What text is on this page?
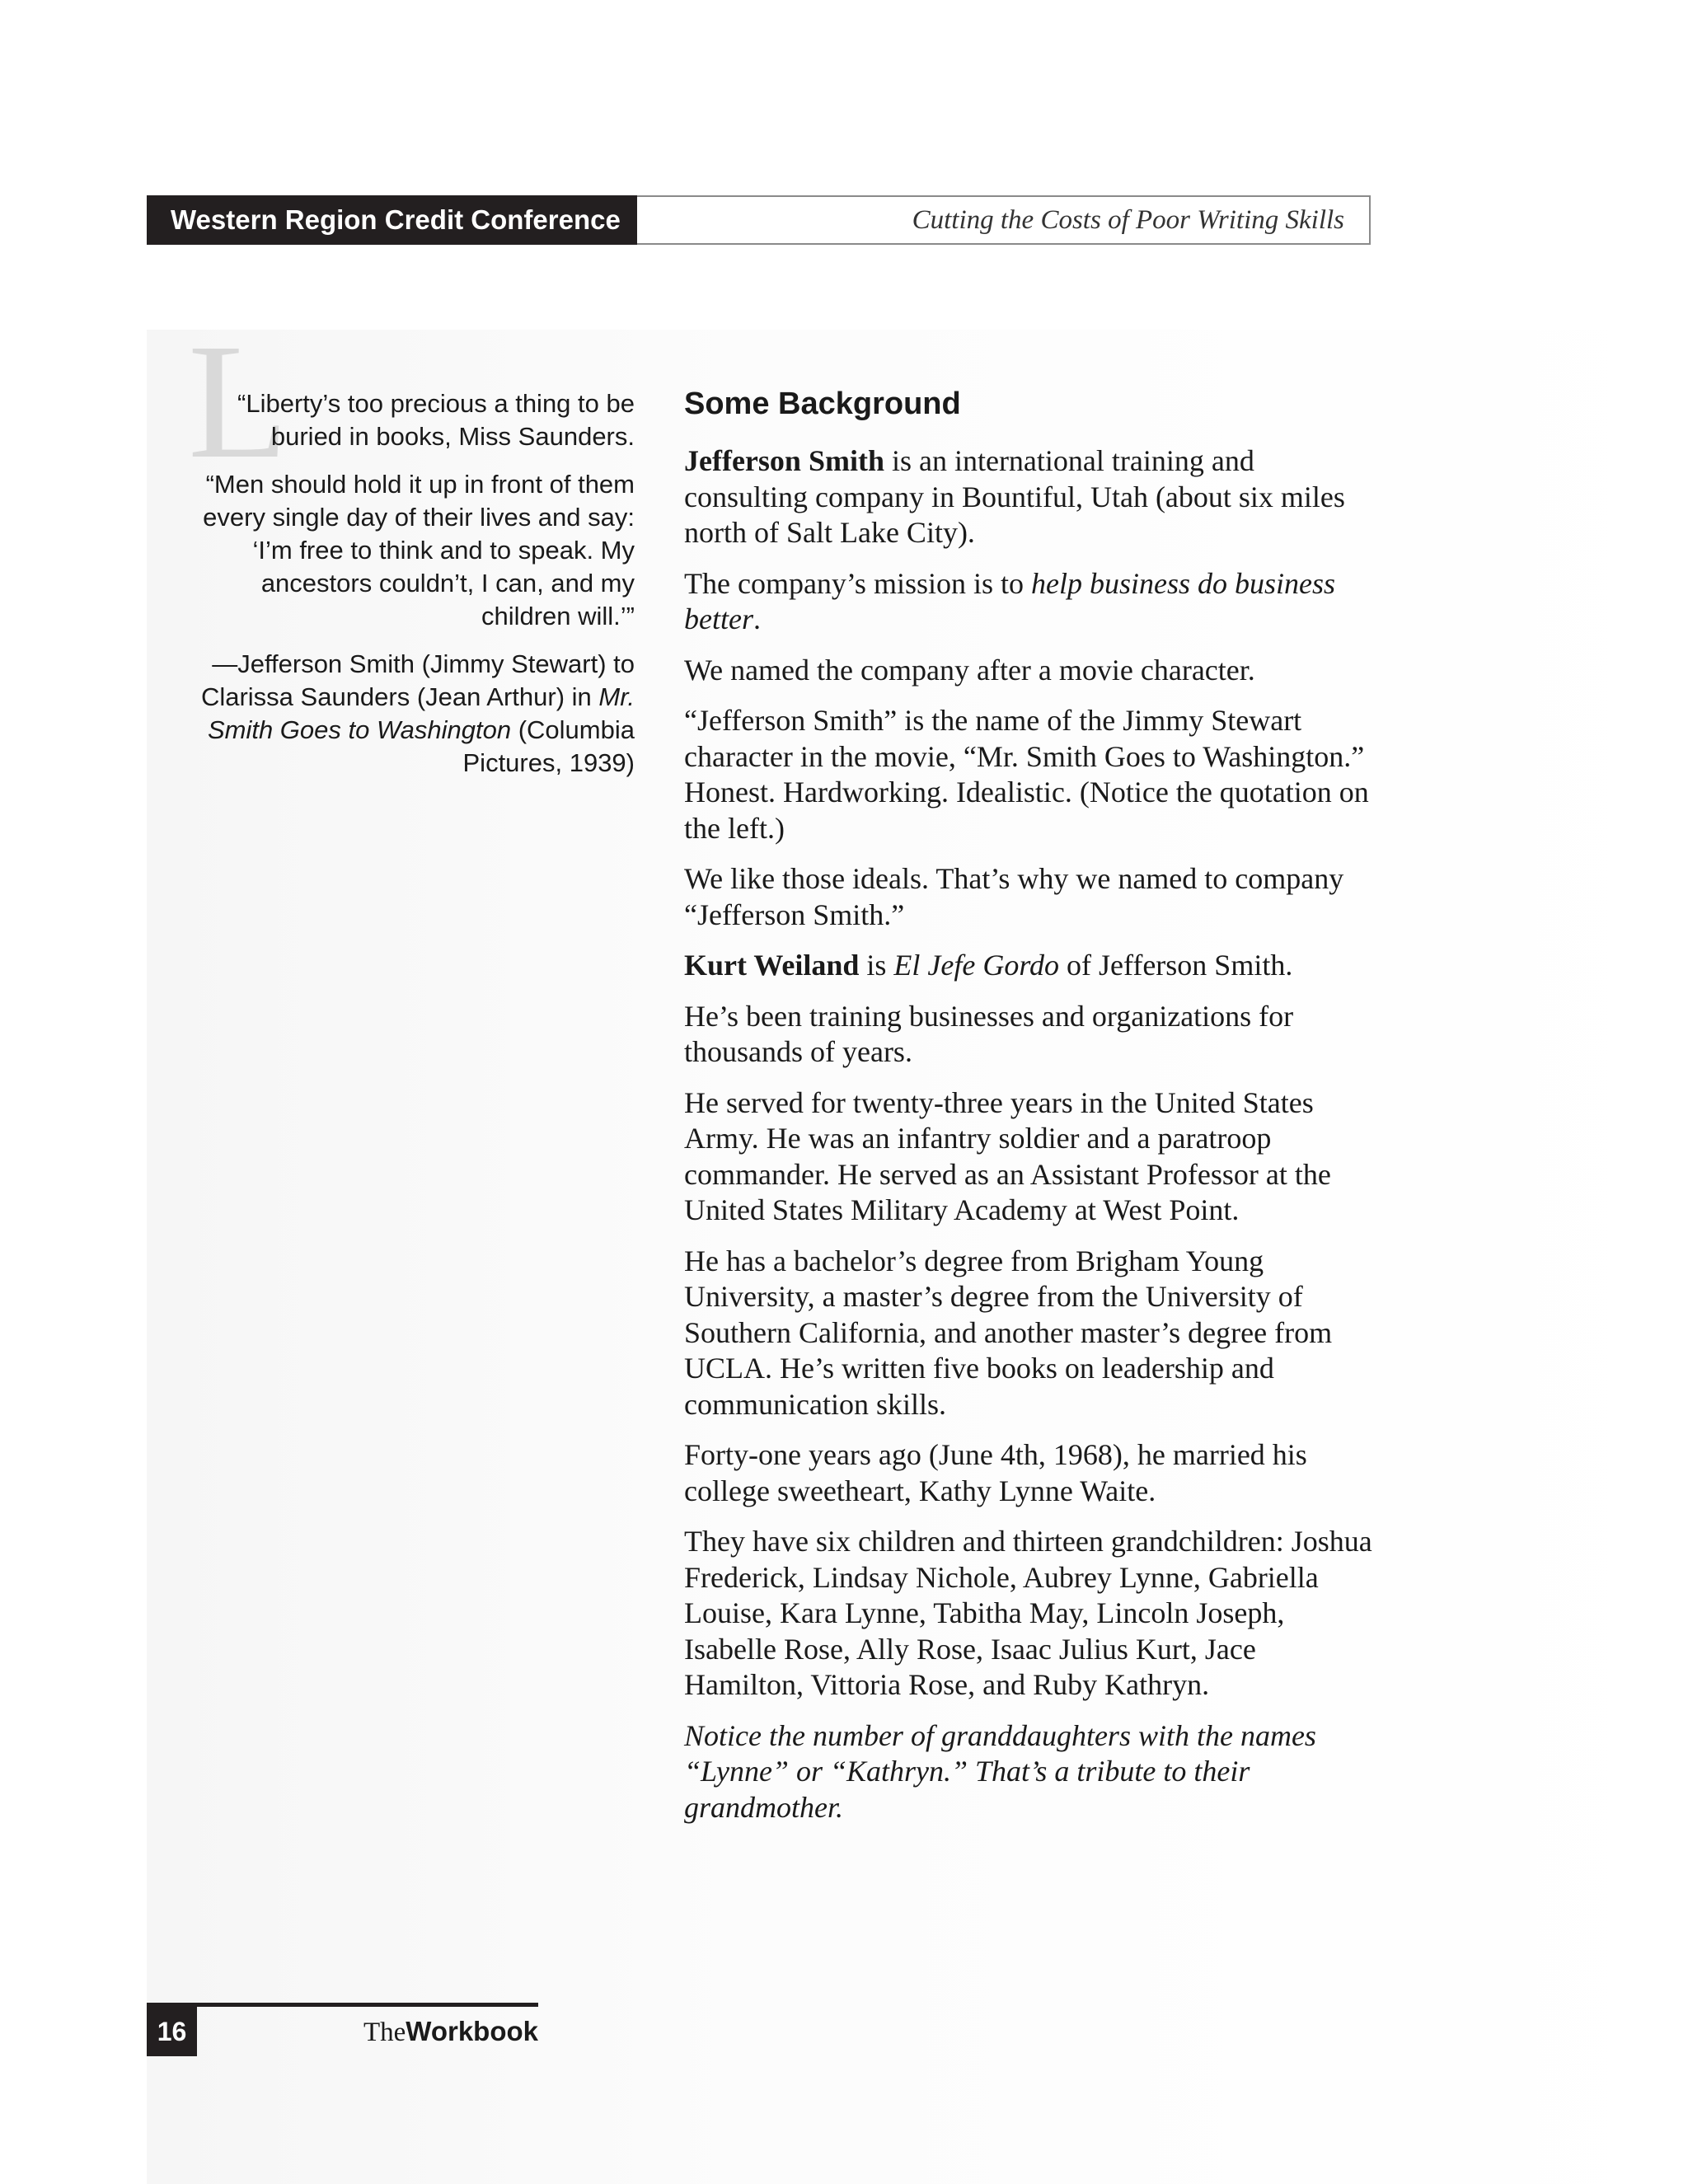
Western Region Credit Conference	Cutting the Costs of Poor Writing Skills
L

“Liberty’s too precious a thing to be buried in books, Miss Saunders.

“Men should hold it up in front of them every single day of their lives and say: ‘I’m free to think and to speak. My ancestors couldn’t, I can, and my children will.’”

—Jefferson Smith (Jimmy Stewart) to Clarissa Saunders (Jean Arthur) in Mr. Smith Goes to Washington (Columbia Pictures, 1939)

Some Background

Jefferson Smith is an international training and consulting company in Bountiful, Utah (about six miles north of Salt Lake City).

The company’s mission is to help business do business better.

We named the company after a movie character.

“Jefferson Smith” is the name of the Jimmy Stewart character in the movie, “Mr. Smith Goes to Washington.” Honest. Hardworking. Idealistic. (Notice the quotation on the left.)

We like those ideals. That’s why we named to company “Jefferson Smith.”

Kurt Weiland is El Jefe Gordo of Jefferson Smith.

He’s been training businesses and organizations for thousands of years.

He served for twenty-three years in the United States Army. He was an infantry soldier and a paratroop commander. He served as an Assistant Professor at the United States Military Academy at West Point.

He has a bachelor’s degree from Brigham Young University, a master’s degree from the University of Southern California, and another master’s degree from UCLA. He’s written five books on leadership and communication skills.

Forty-one years ago (June 4th, 1968), he married his college sweetheart, Kathy Lynne Waite.

They have six children and thirteen grandchildren: Joshua Frederick, Lindsay Nichole, Aubrey Lynne, Gabriella Louise, Kara Lynne, Tabitha May, Lincoln Joseph, Isabelle Rose, Ally Rose, Isaac Julius Kurt, Jace Hamilton, Vittoria Rose, and Ruby Kathryn.

Notice the number of granddaughters with the names “Lynne” or “Kathryn.” That’s a tribute to their grandmother.

16	TheWorkbook
